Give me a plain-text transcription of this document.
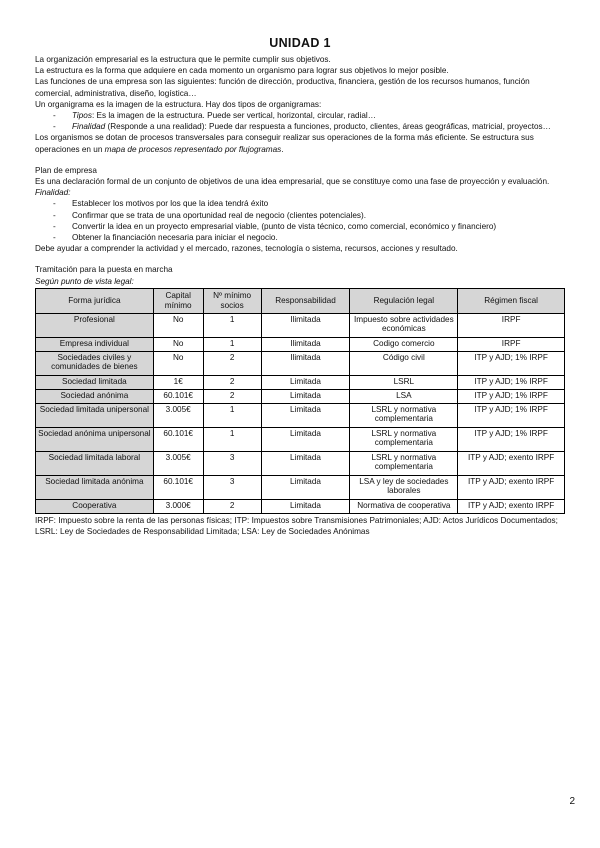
UNIDAD 1

La organización empresarial es la estructura que le permite cumplir sus objetivos.

La estructura es la forma que adquiere en cada momento un organismo para lograr sus objetivos lo mejor posible.

Las funciones de una empresa son las siguientes: función de dirección, productiva, financiera, gestión de los recursos humanos, función comercial, administrativa, diseño, logística…

Un organigrama es la imagen de la estructura. Hay dos tipos de organigramas:

- Tipos: Es la imagen de la estructura. Puede ser vertical, horizontal, circular, radial…
- Finalidad (Responde a una realidad): Puede dar respuesta a funciones, producto, clientes, áreas geográficas, matricial, proyectos…

Los organismos se dotan de procesos transversales para conseguir realizar sus operaciones de la forma más eficiente. Se estructura sus operaciones en un mapa de procesos representado por flujogramas.

Plan de empresa

Es una declaración formal de un conjunto de objetivos de una idea empresarial, que se constituye como una fase de proyección y evaluación.

Finalidad:

- Establecer los motivos por los que la idea tendrá éxito
- Confirmar que se trata de una oportunidad real de negocio (clientes potenciales).
- Convertir la idea en un proyecto empresarial viable, (punto de vista técnico, como comercial, económico y financiero)
- Obtener la financiación necesaria para iniciar el negocio.

Debe ayudar a comprender la actividad y el mercado, razones, tecnología o sistema, recursos, acciones y resultado.

Tramitación para la puesta en marcha

Según punto de vista legal:

Forma jurídica	Capital mínimo	Nº mínimo socios	Responsabilidad	Regulación legal	Régimen fiscal
Profesional	No	1	Ilimitada	Impuesto sobre actividades económicas	IRPF
Empresa individual	No	1	Ilimitada	Codigo comercio	IRPF
Sociedades civiles y comunidades de bienes	No	2	Ilimitada	Código civil	ITP y AJD; 1% IRPF
Sociedad limitada	1€	2	Limitada	LSRL	ITP y AJD; 1% IRPF
Sociedad anónima	60.101€	2	Limitada	LSA	ITP y AJD; 1% IRPF
Sociedad limitada unipersonal	3.005€	1	Limitada	LSRL y normativa complementaria	ITP y AJD; 1% IRPF
Sociedad anónima unipersonal	60.101€	1	Limitada	LSRL y normativa complementaria	ITP y AJD; 1% IRPF
Sociedad limitada laboral	3.005€	3	Limitada	LSRL y normativa complementaria	ITP y AJD; exento IRPF
Sociedad limitada anónima	60.101€	3	Limitada	LSA y ley de sociedades laborales	ITP y AJD; exento IRPF
Cooperativa	3.000€	2	Limitada	Normativa de cooperativa	ITP y AJD; exento IRPF

IRPF: Impuesto sobre la renta de las personas físicas; ITP: Impuestos sobre Transmisiones Patrimoniales; AJD: Actos Jurídicos Documentados; LSRL: Ley de Sociedades de Responsabilidad Limitada; LSA: Ley de Sociedades Anónimas

2
